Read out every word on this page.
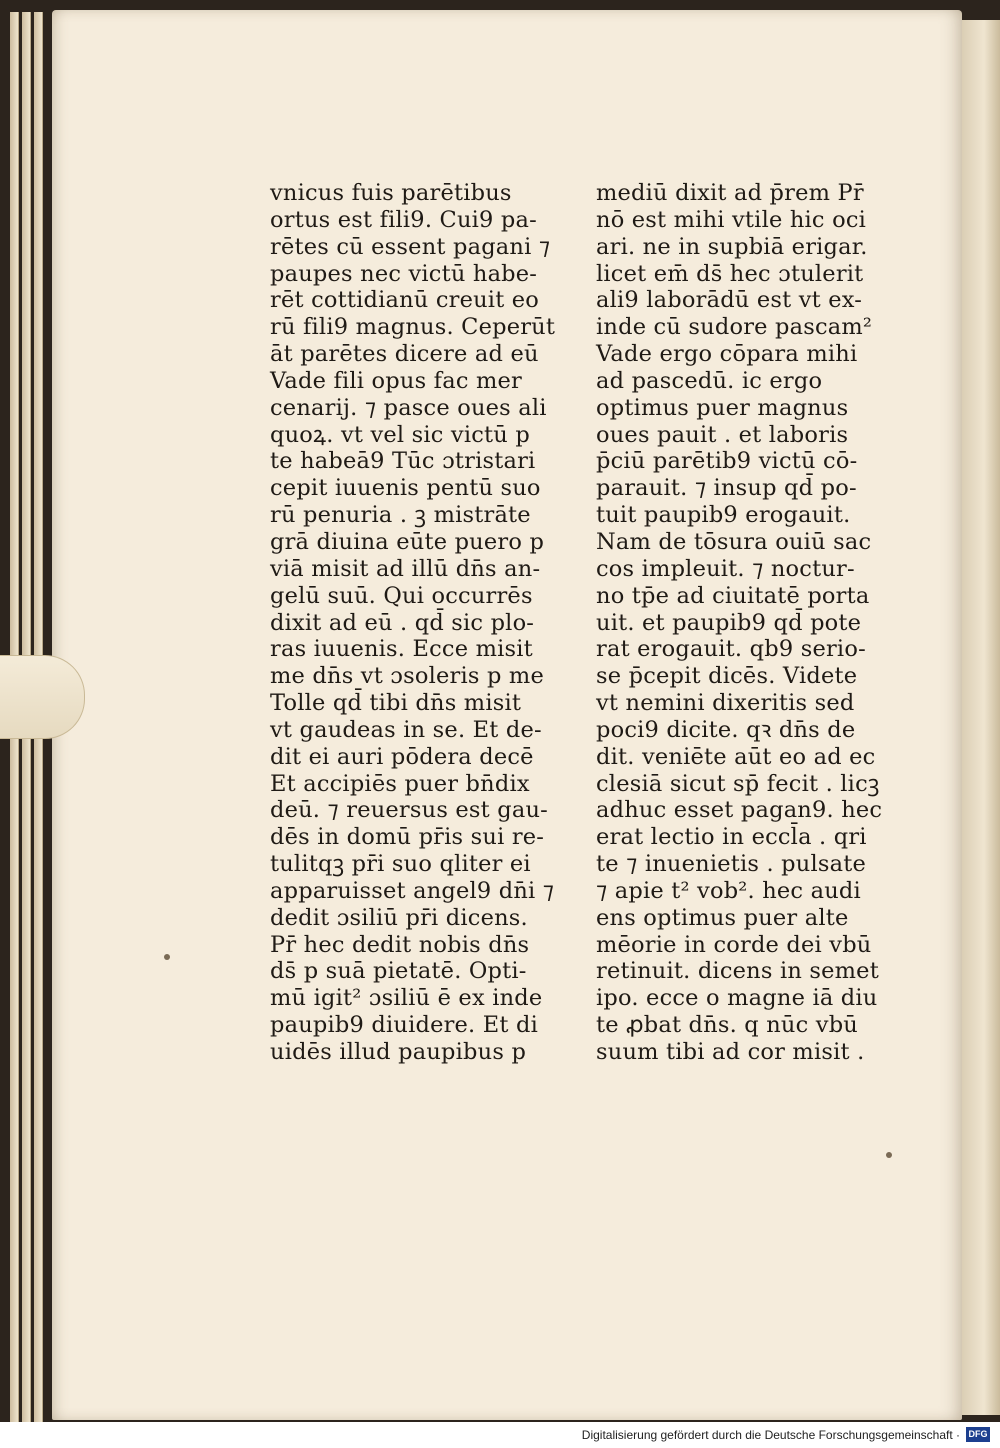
vnicus fuis parētibus
ortus est fili9. Cui9 pa-
rētes cū essent pagani ⁊
paupes nec victū habe-
rēt cottidianū creuit eo
rū fili9 magnus. Ceperūt
āt parētes dicere ad eū
Vade fili opus fac mer
cenarij. ⁊ pasce oues ali
quoꝝ. vt vel sic victū p
te habeā9 Tūc ɔtristari
cepit iuuenis pentū suo
rū penuria . ꝫ mistrāte
grā diuina eūte puero p
viā misit ad illū dn̄s an-
gelū suū. Qui occurrēs
dixit ad eū . qd̄ sic plo-
ras iuuenis. Ecce misit
me dn̄s vt ɔsoleris p me
Tolle qd̄ tibi dn̄s misit
vt gaudeas in se. Et de-
dit ei auri pōdera decē
Et accipiēs puer bn̄dix
deū. ⁊ reuersus est gau-
dēs in domū pr̄is sui re-
tulitqꝫ pr̄i suo qliter ei
apparuisset angel9 dn̄i ⁊
dedit ɔsiliū pr̄i dicens.
Pr̄ hec dedit nobis dn̄s
ds̄ p suā pietatē. Opti-
mū igit² ɔsiliū ē ex inde
paupib9 diuidere. Et di
uidēs illud paupibus p
mediū dixit ad p̄rem Pr̄
nō est mihi vtile hic oci
ari. ne in supbiā erigar.
licet em̄ ds̄ hec ɔtulerit
ali9 laborādū est vt ex-
inde cū sudore pascam²
Vade ergo cōpara mihi
ad pascedū. ic ergo
optimus puer magnus
oues pauit . et laboris
p̄ciū parētib9 victū cō-
parauit. ⁊ insup qd̄ po-
tuit paupib9 erogauit.
Nam de tōsura ouiū sac
cos impleuit. ⁊ noctur-
no tp̄e ad ciuitatē porta
uit. et paupib9 qd̄ pote
rat erogauit. qb9 serio-
se p̄cepit dicēs. Videte
vt nemini dixeritis sed
poci9 dicite. qꝛ dn̄s de
dit. veniēte aūt eo ad ec
clesiā sicut sp̄ fecit . licꝫ
adhuc esset pagan9. hec
erat lectio in eccl̄a . qri
te ⁊ inuenietis . pulsate
⁊ apie t² vob². hec audi
ens optimus puer alte
mēorie in corde dei vbū
retinuit. dicens in semet
ipo. ecce o magne iā diu
te ꝓbat dn̄s. q nūc vbū
suum tibi ad cor misit .
Digitalisierung gefördert durch die Deutsche Forschungsgemeinschaft · DFG
